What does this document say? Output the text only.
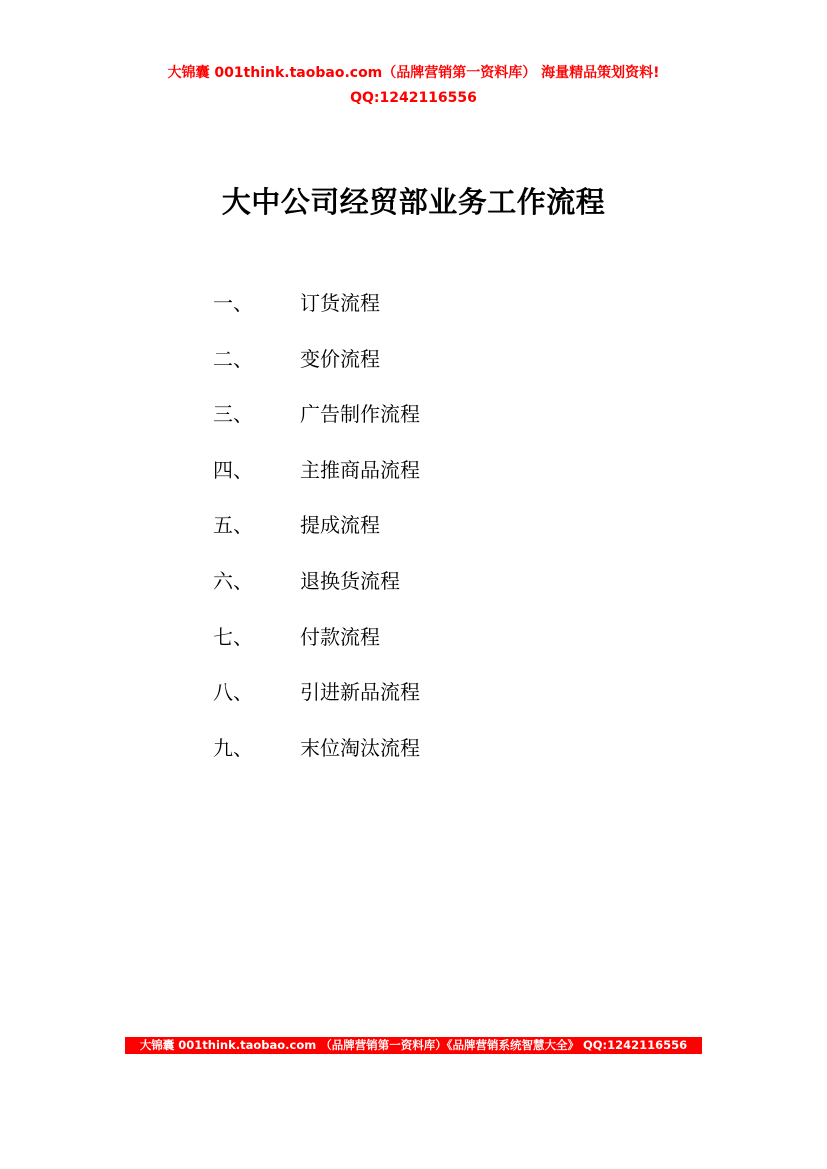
大锦囊 001think.taobao.com（品牌营销第一资料库） 海量精品策划资料!
QQ:1242116556
大中公司经贸部业务工作流程
一、 订货流程
二、 变价流程
三、 广告制作流程
四、 主推商品流程
五、 提成流程
六、 退换货流程
七、 付款流程
八、 引进新品流程
九、 末位淘汰流程
大锦囊 001think.taobao.com （品牌营销第一资料库）《品牌营销系统智慧大全》 QQ:1242116556
